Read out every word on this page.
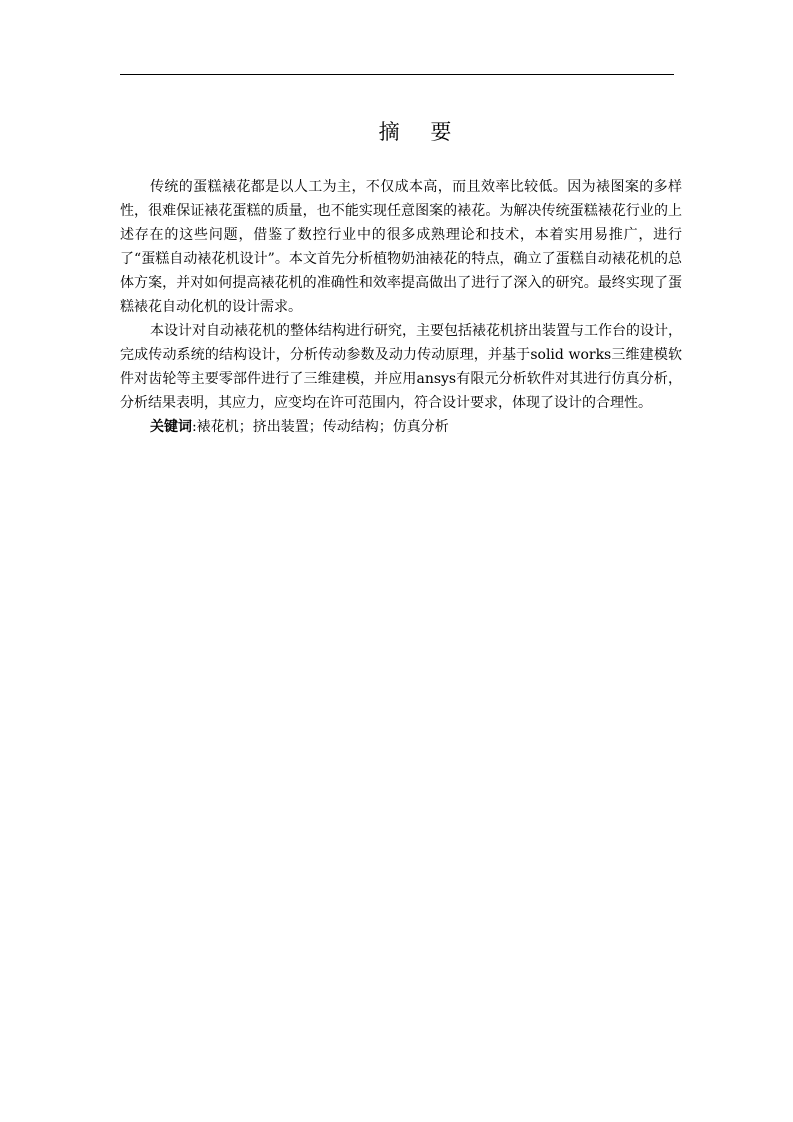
摘 要

传统的蛋糕裱花都是以人工为主，不仅成本高，而且效率比较低。因为裱图案的多样性，很难保证裱花蛋糕的质量，也不能实现任意图案的裱花。为解决传统蛋糕裱花行业的上述存在的这些问题，借鉴了数控行业中的很多成熟理论和技术，本着实用易推广，进行了“蛋糕自动裱花机设计”。本文首先分析植物奶油裱花的特点，确立了蛋糕自动裱花机的总体方案，并对如何提高裱花机的准确性和效率提高做出了进行了深入的研究。最终实现了蛋糕裱花自动化机的设计需求。

本设计对自动裱花机的整体结构进行研究，主要包括裱花机挤出装置与工作台的设计，完成传动系统的结构设计，分析传动参数及动力传动原理，并基于solid works三维建模软件对齿轮等主要零部件进行了三维建模，并应用ansys有限元分析软件对其进行仿真分析，分析结果表明，其应力，应变均在许可范围内，符合设计要求，体现了设计的合理性。

关键词:裱花机；挤出装置；传动结构；仿真分析
